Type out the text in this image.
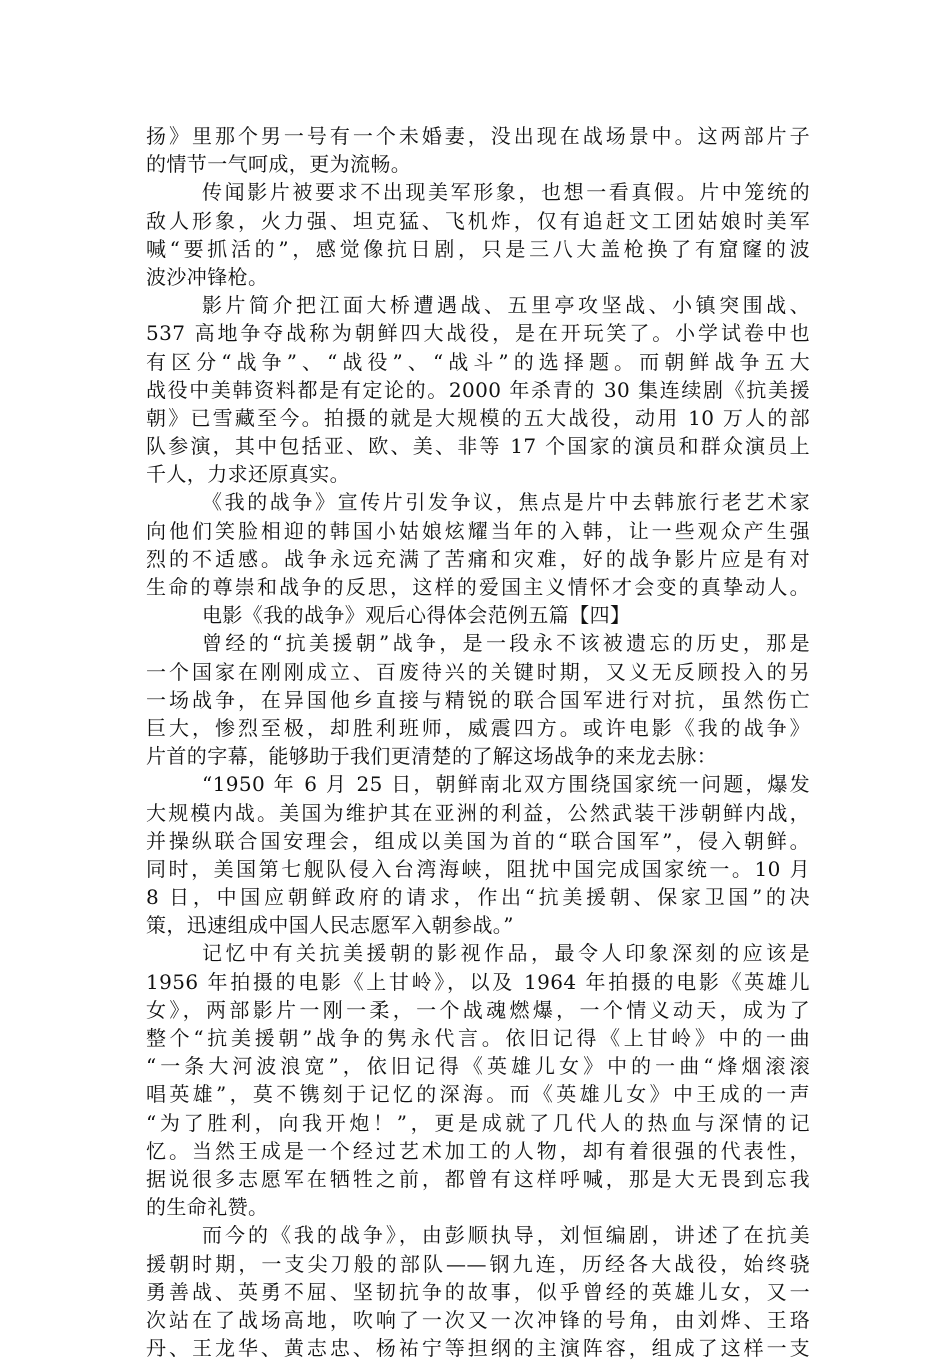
扬》里那个男一号有一个未婚妻，没出现在战场景中。这两部片子
的情节一气呵成，更为流畅。
传闻影片被要求不出现美军形象，也想一看真假。片中笼统的
敌人形象，火力强、坦克猛、飞机炸，仅有追赶文工团姑娘时美军
喊“要抓活的”，感觉像抗日剧，只是三八大盖枪换了有窟窿的波
波沙冲锋枪。
影片简介把江面大桥遭遇战、五里亭攻坚战、小镇突围战、
537 高地争夺战称为朝鲜四大战役，是在开玩笑了。小学试卷中也
有区分“战争”、“战役”、“战斗”的选择题。而朝鲜战争五大
战役中美韩资料都是有定论的。2000 年杀青的 30 集连续剧《抗美援
朝》已雪藏至今。拍摄的就是大规模的五大战役，动用 10 万人的部
队参演，其中包括亚、欧、美、非等 17 个国家的演员和群众演员上
千人，力求还原真实。
《我的战争》宣传片引发争议，焦点是片中去韩旅行老艺术家
向他们笑脸相迎的韩国小姑娘炫耀当年的入韩，让一些观众产生强
烈的不适感。战争永远充满了苦痛和灾难，好的战争影片应是有对
生命的尊崇和战争的反思，这样的爱国主义情怀才会变的真挚动人。
电影《我的战争》观后心得体会范例五篇【四】
曾经的“抗美援朝”战争，是一段永不该被遗忘的历史，那是
一个国家在刚刚成立、百废待兴的关键时期，又义无反顾投入的另
一场战争，在异国他乡直接与精锐的联合国军进行对抗，虽然伤亡
巨大，惨烈至极，却胜利班师，威震四方。或许电影《我的战争》
片首的字幕，能够助于我们更清楚的了解这场战争的来龙去脉：
“1950 年 6 月 25 日，朝鲜南北双方围绕国家统一问题，爆发
大规模内战。美国为维护其在亚洲的利益，公然武装干涉朝鲜内战，
并操纵联合国安理会，组成以美国为首的“联合国军”，侵入朝鲜。
同时，美国第七舰队侵入台湾海峡，阻扰中国完成国家统一。10 月
8 日，中国应朝鲜政府的请求，作出“抗美援朝、保家卫国”的决
策，迅速组成中国人民志愿军入朝参战。”
记忆中有关抗美援朝的影视作品，最令人印象深刻的应该是
1956 年拍摄的电影《上甘岭》，以及 1964 年拍摄的电影《英雄儿
女》，两部影片一刚一柔，一个战魂燃爆，一个情义动天，成为了
整个“抗美援朝”战争的隽永代言。依旧记得《上甘岭》中的一曲
“一条大河波浪宽”，依旧记得《英雄儿女》中的一曲“烽烟滚滚
唱英雄”，莫不镌刻于记忆的深海。而《英雄儿女》中王成的一声
“为了胜利，向我开炮！”，更是成就了几代人的热血与深情的记
忆。当然王成是一个经过艺术加工的人物，却有着很强的代表性，
据说很多志愿军在牺牲之前，都曾有这样呼喊，那是大无畏到忘我
的生命礼赞。
而今的《我的战争》，由彭顺执导，刘恒编剧，讲述了在抗美
援朝时期，一支尖刀般的部队——钢九连，历经各大战役，始终骁
勇善战、英勇不屈、坚韧抗争的故事，似乎曾经的英雄儿女，又一
次站在了战场高地，吹响了一次又一次冲锋的号角，由刘烨、王珞
丹、王龙华、黄志忠、杨祐宁等担纲的主演阵容，组成了这样一支
